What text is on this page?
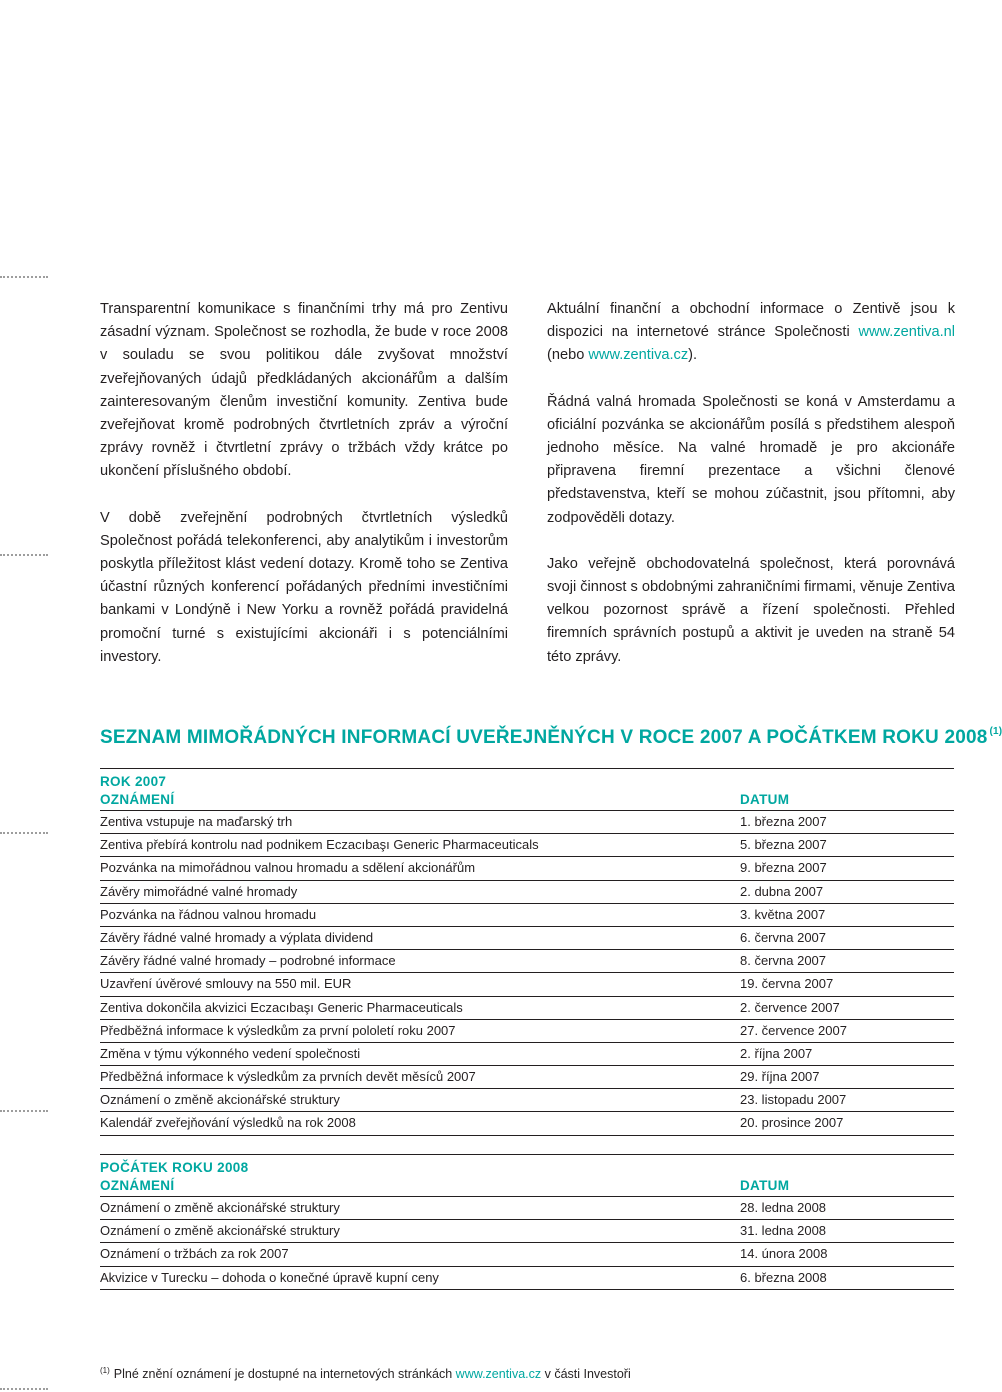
Transparentní komunikace s finančními trhy má pro Zentivu zásadní význam. Společnost se rozhodla, že bude v roce 2008 v souladu se svou politikou dále zvyšovat množství zveřejňovaných údajů předkládaných akcionářům a dalším zainteresovaným členům investiční komunity. Zentiva bude zveřejňovat kromě podrobných čtvrtletních zpráv a výroční zprávy rovněž i čtvrtletní zprávy o tržbách vždy krátce po ukončení příslušného období.

V době zveřejnění podrobných čtvrtletních výsledků Společnost pořádá telekonferenci, aby analytikům i investorům poskytla příležitost klást vedení dotazy. Kromě toho se Zentiva účastní různých konferencí pořádaných předními investičními bankami v Londýně i New Yorku a rovněž pořádá pravidelná promoční turné s existujícími akcionáři i s potenciálními investory.

Aktuální finanční a obchodní informace o Zentivě jsou k dispozici na internetové stránce Společnosti www.zentiva.nl (nebo www.zentiva.cz).

Řádná valná hromada Společnosti se koná v Amsterdamu a oficiální pozvánka se akcionářům posílá s předstihem alespoň jednoho měsíce. Na valné hromadě je pro akcionáře připravena firemní prezentace a všichni členové představenstva, kteří se mohou zúčastnit, jsou přítomni, aby zodpověděli dotazy.

Jako veřejně obchodovatelná společnost, která porovnává svoji činnost s obdobnými zahraničními firmami, věnuje Zentiva velkou pozornost správě a řízení společnosti. Přehled firemních správních postupů a aktivit je uveden na straně 54 této zprávy.

SEZNAM MIMOŘÁDNÝCH INFORMACÍ UVEŘEJNĚNÝCH V ROCE 2007 A POČÁTKEM ROKU 2008 $^{(1)}$
ROK 2007
OZNÁMENÍ	DATUM
Zentiva vstupuje na maďarský trh	1. března 2007
Zentiva přebírá kontrolu nad podnikem Eczacıbaşı Generic Pharmaceuticals	5. března 2007
Pozvánka na mimořádnou valnou hromadu a sdělení akcionářům	9. března 2007
Závěry mimořádné valné hromady	2. dubna 2007
Pozvánka na řádnou valnou hromadu	3. května 2007
Závěry řádné valné hromady a výplata dividend	6. června 2007
Závěry řádné valné hromady – podrobné informace	8. června 2007
Uzavření úvěrové smlouvy na 550 mil. EUR	19. června 2007
Zentiva dokončila akvizici Eczacıbaşı Generic Pharmaceuticals	2. července 2007
Předběžná informace k výsledkům za první pololetí roku 2007	27. července 2007
Změna v týmu výkonného vedení společnosti	2. října 2007
Předběžná informace k výsledkům za prvních devět měsíců 2007	29. října 2007
Oznámení o změně akcionářské struktury	23. listopadu 2007
Kalendář zveřejňování výsledků na rok 2008	20. prosince 2007
POČÁTEK ROKU 2008
OZNÁMENÍ	DATUM
Oznámení o změně akcionářské struktury	28. ledna 2008
Oznámení o změně akcionářské struktury	31. ledna 2008
Oznámení o tržbách za rok 2007	14. února 2008
Akvizice v Turecku – dohoda o konečné úpravě kupní ceny	6. března 2008
$^{(1)}$ Plné znění oznámení je dostupné na internetových stránkách www.zentiva.cz v části Investoři
